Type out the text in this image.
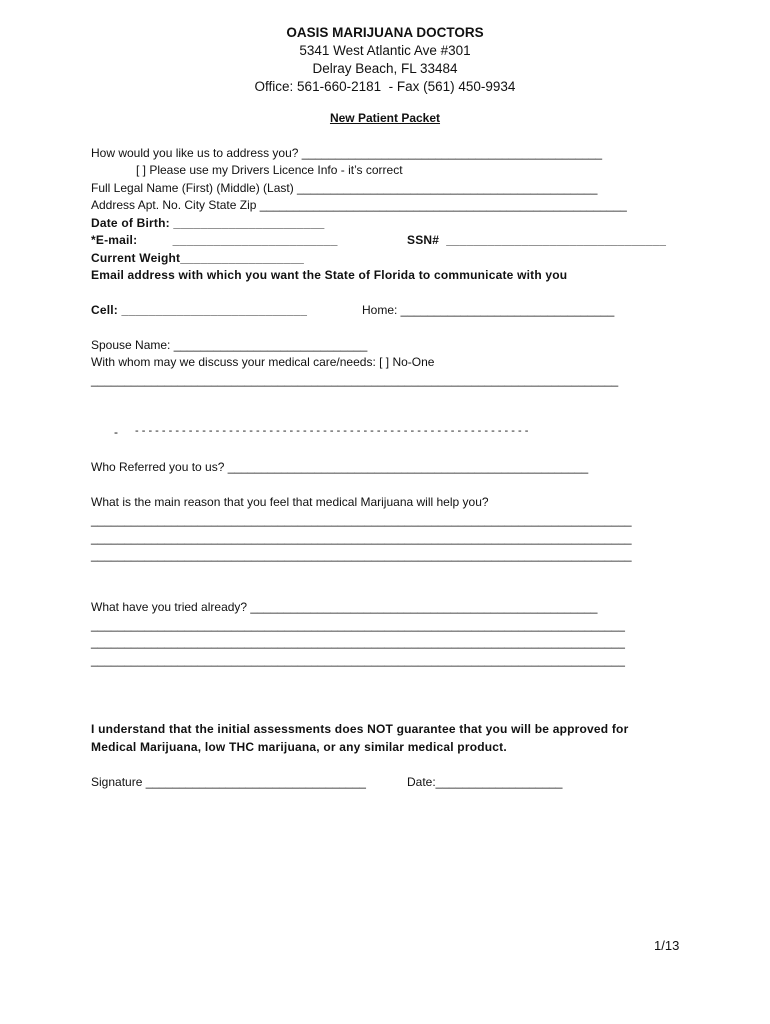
OASIS MARIJUANA DOCTORS
5341 West Atlantic Ave #301
Delray Beach, FL 33484
Office: 561-660-2181  - Fax (561) 450-9934
New Patient Packet
How would you like us to address you? _____________________________________________
[ ] Please use my Drivers Licence Info - it’s correct
Full Legal Name (First) (Middle) (Last) _____________________________________________
Address Apt. No. City State Zip _______________________________________________________
Date of Birth: ______________________
*E-mail:          ________________________	SSN#  ________________________________
Current Weight__________________
Email address with which you want the State of Florida to communicate with you
Cell: ___________________________	Home: ________________________________
Spouse Name: _____________________________
With whom may we discuss your medical care/needs: [ ] No-One
_______________________________________________________________________________
- - - - - - - - - - - - - - - - - - - - - - - - - - - - - - - - - - - - - - - - - - - - - - - - - - - - - - - - - - - -
Who Referred you to us? ______________________________________________________
What is the main reason that you feel that medical Marijuana will help you?
_________________________________________________________________________________
_________________________________________________________________________________
_________________________________________________________________________________
What have you tried already? ____________________________________________________
________________________________________________________________________________
________________________________________________________________________________
________________________________________________________________________________
I understand that the initial assessments does NOT guarantee that you will be approved for
Medical Marijuana, low THC marijuana, or any similar medical product.
Signature _________________________________	Date:___________________
1/13
